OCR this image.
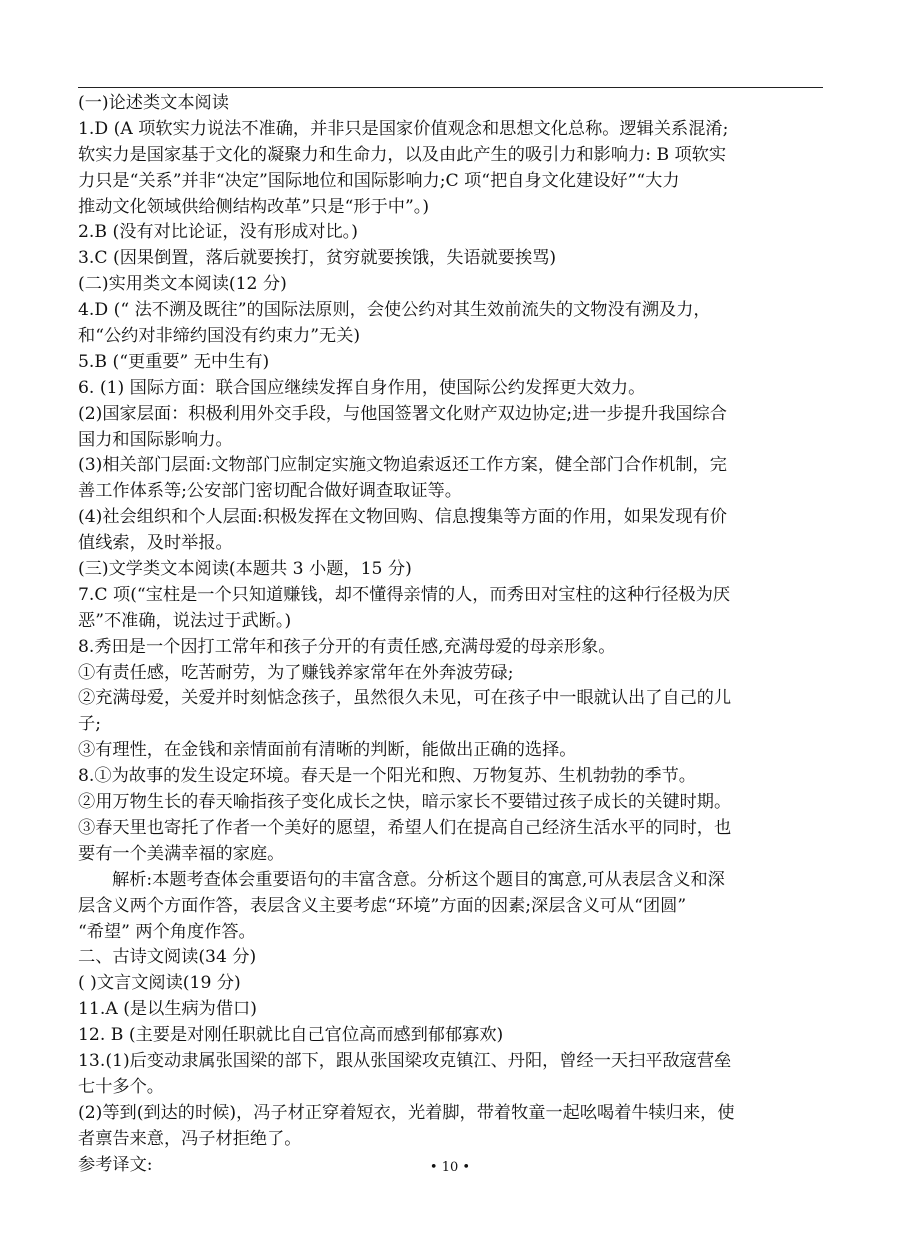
(一)论述类文本阅读
1.D (A 项软实力说法不准确，并非只是国家价值观念和思想文化总称。逻辑关系混淆;
软实力是国家基于文化的凝聚力和生命力，以及由此产生的吸引力和影响力: B 项软实
力只是“关系”并非“决定”国际地位和国际影响力;C 项“把自身文化建设好”“大力
推动文化领域供给侧结构改革”只是“形于中”。)
2.B (没有对比论证，没有形成对比。)
3.C (因果倒置，落后就要挨打，贫穷就要挨饿，失语就要挨骂)
(二)实用类文本阅读(12 分)
4.D (“ 法不溯及既往”的国际法原则，会使公约对其生效前流失的文物没有溯及力，
和“公约对非缔约国没有约束力”无关)
5.B (“更重要” 无中生有)
6. (1) 国际方面：联合国应继续发挥自身作用，使国际公约发挥更大效力。
(2)国家层面：积极利用外交手段，与他国签署文化财产双边协定;进一步提升我国综合
国力和国际影响力。
(3)相关部门层面:文物部门应制定实施文物追索返还工作方案，健全部门合作机制，完
善工作体系等;公安部门密切配合做好调查取证等。
(4)社会组织和个人层面:积极发挥在文物回购、信息搜集等方面的作用，如果发现有价
值线索，及时举报。
(三)文学类文本阅读(本题共 3 小题，15 分)
7.C 项(“宝柱是一个只知道赚钱，却不懂得亲情的人，而秀田对宝柱的这种行径极为厌
恶”不准确，说法过于武断。)
8.秀田是一个因打工常年和孩子分开的有责任感,充满母爱的母亲形象。
①有责任感，吃苦耐劳，为了赚钱养家常年在外奔波劳碌;
②充满母爱，关爱并时刻惦念孩子，虽然很久未见，可在孩子中一眼就认出了自己的儿
子;
③有理性，在金钱和亲情面前有清晰的判断，能做出正确的选择。
8.①为故事的发生设定环境。春天是一个阳光和煦、万物复苏、生机勃勃的季节。
②用万物生长的春天喻指孩子变化成长之快，暗示家长不要错过孩子成长的关键时期。
③春天里也寄托了作者一个美好的愿望，希望人们在提高自己经济生活水平的同时，也
要有一个美满幸福的家庭。
解析:本题考查体会重要语句的丰富含意。分析这个题目的寓意,可从表层含义和深
层含义两个方面作答，表层含义主要考虑“环境”方面的因素;深层含义可从“团圆”
“希望” 两个角度作答。
二、古诗文阅读(34 分)
( )文言文阅读(19 分)
11.A (是以生病为借口)
12. B (主要是对刚任职就比自己官位高而感到郁郁寡欢)
13.(1)后变动隶属张国梁的部下，跟从张国梁攻克镇江、丹阳，曾经一天扫平敌寇营垒
七十多个。
(2)等到(到达的时候)，冯子材正穿着短衣，光着脚，带着牧童一起吆喝着牛犊归来，使
者禀告来意，冯子材拒绝了。
参考译文:	• 10 •
